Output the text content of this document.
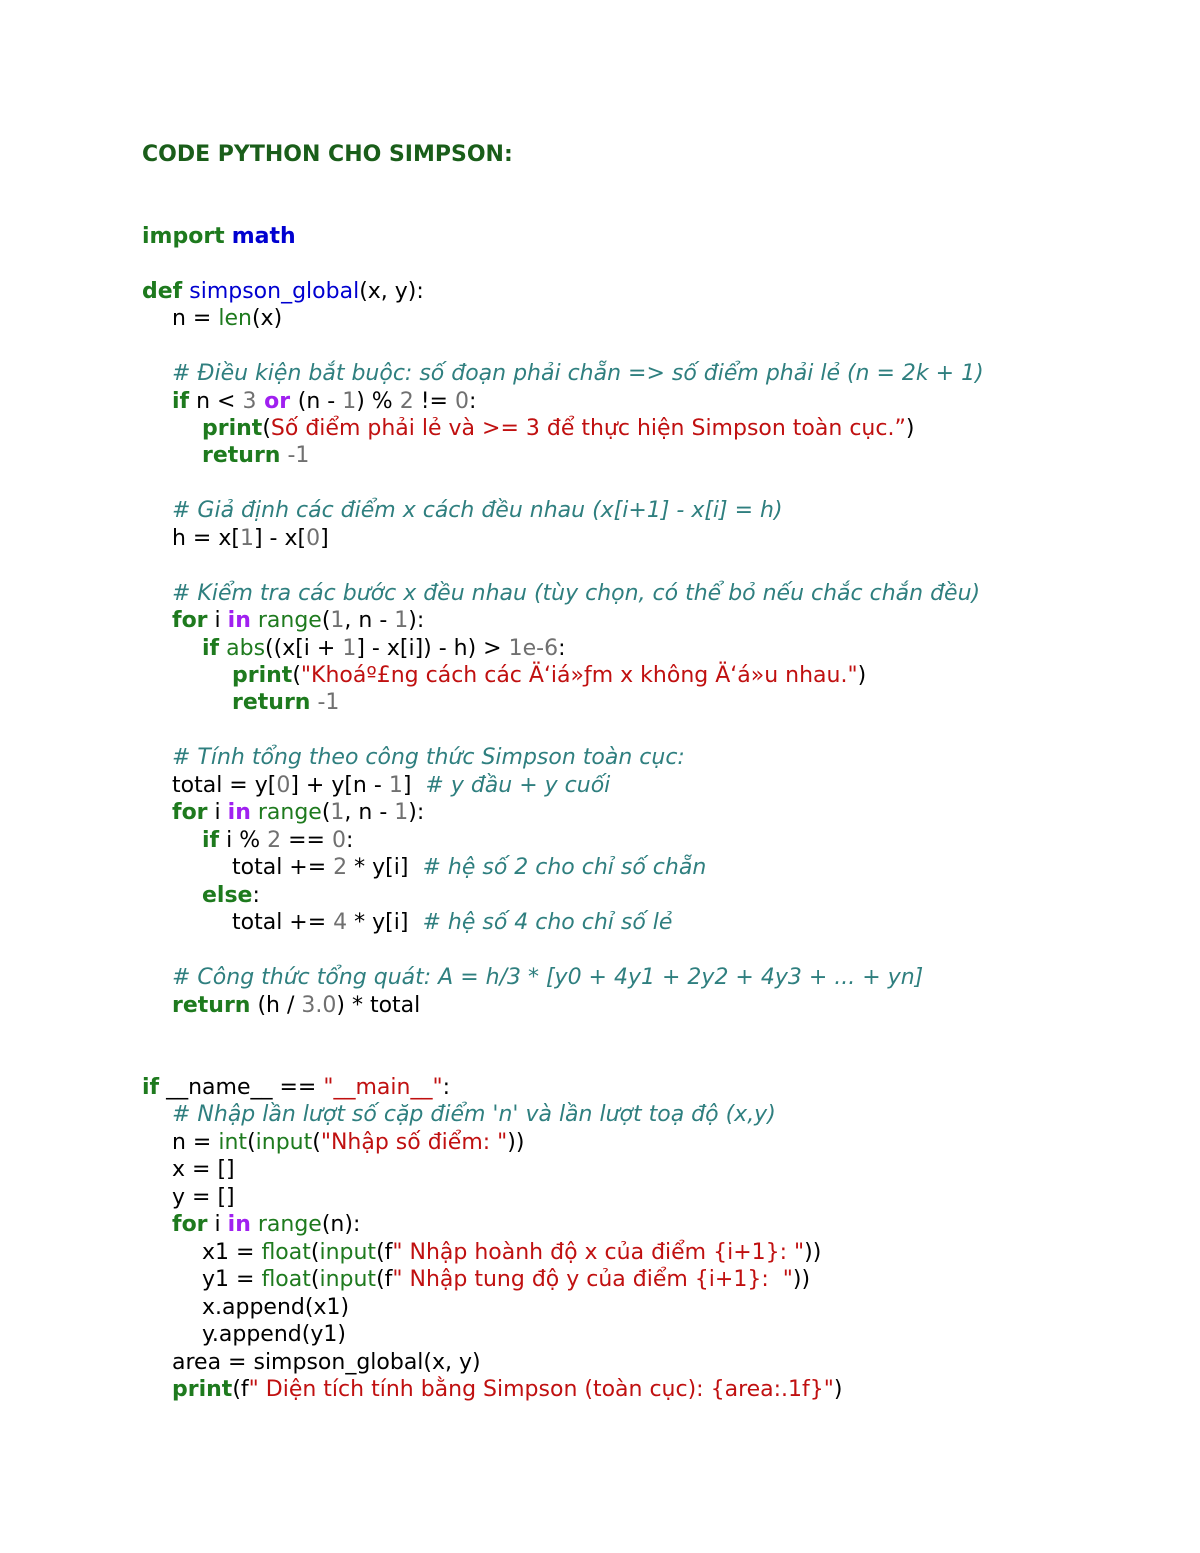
CODE PYTHON CHO SIMPSON:
import math
def simpson_global(x, y):
n = len(x)
# Điều kiện bắt buộc: số đoạn phải chẵn => số điểm phải lẻ (n = 2k + 1)
if n < 3 or (n - 1) % 2 != 0:
print(Số điểm phải lẻ và >= 3 để thực hiện Simpson toàn cục.”)
return -1
# Giả định các điểm x cách đều nhau (x[i+1] - x[i] = h)
h = x[1] - x[0]
# Kiểm tra các bước x đều nhau (tùy chọn, có thể bỏ nếu chắc chắn đều)
for i in range(1, n - 1):
if abs((x[i + 1] - x[i]) - h) > 1e-6:
print("Khoáº£ng cách các Ä‘iá»ƒm x không Ä‘á»u nhau.")
return -1
# Tính tổng theo công thức Simpson toàn cục:
total = y[0] + y[n - 1]  # y đầu + y cuối
for i in range(1, n - 1):
if i % 2 == 0:
total += 2 * y[i]  # hệ số 2 cho chỉ số chẵn
else:
total += 4 * y[i]  # hệ số 4 cho chỉ số lẻ
# Công thức tổng quát: A = h/3 * [y0 + 4y1 + 2y2 + 4y3 + ... + yn]
return (h / 3.0) * total
if __name__ == "__main__":
# Nhập lần lượt số cặp điểm 'n' và lần lượt toạ độ (x,y)
n = int(input("Nhập số điểm: "))
x = []
y = []
for i in range(n):
x1 = float(input(f" Nhập hoành độ x của điểm {i+1}: "))
y1 = float(input(f" Nhập tung độ y của điểm {i+1}:  "))
x.append(x1)
y.append(y1)
area = simpson_global(x, y)
print(f" Diện tích tính bằng Simpson (toàn cục): {area:.1f}")
